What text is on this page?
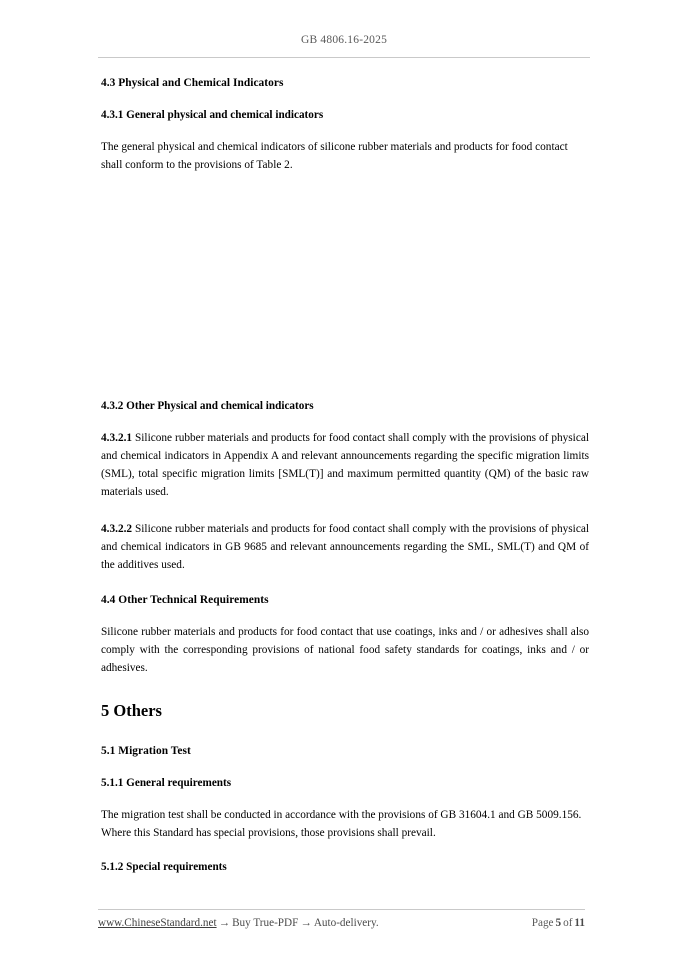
GB 4806.16-2025
4.3 Physical and Chemical Indicators
4.3.1 General physical and chemical indicators

The general physical and chemical indicators of silicone rubber materials and products for food contact shall conform to the provisions of Table 2.

4.3.2 Other Physical and chemical indicators

4.3.2.1 Silicone rubber materials and products for food contact shall comply with the provisions of physical and chemical indicators in Appendix A and relevant announcements regarding the specific migration limits (SML), total specific migration limits [SML(T)] and maximum permitted quantity (QM) of the basic raw materials used.

4.3.2.2 Silicone rubber materials and products for food contact shall comply with the provisions of physical and chemical indicators in GB 9685 and relevant announcements regarding the SML, SML(T) and QM of the additives used.

4.4 Other Technical Requirements

Silicone rubber materials and products for food contact that use coatings, inks and / or adhesives shall also comply with the corresponding provisions of national food safety standards for coatings, inks and / or adhesives.

5 Others
5.1 Migration Test
5.1.1 General requirements

The migration test shall be conducted in accordance with the provisions of GB 31604.1 and GB 5009.156. Where this Standard has special provisions, those provisions shall prevail.

5.1.2 Special requirements
www.ChineseStandard.net → Buy True-PDF → Auto-delivery.	Page 5 of 11
